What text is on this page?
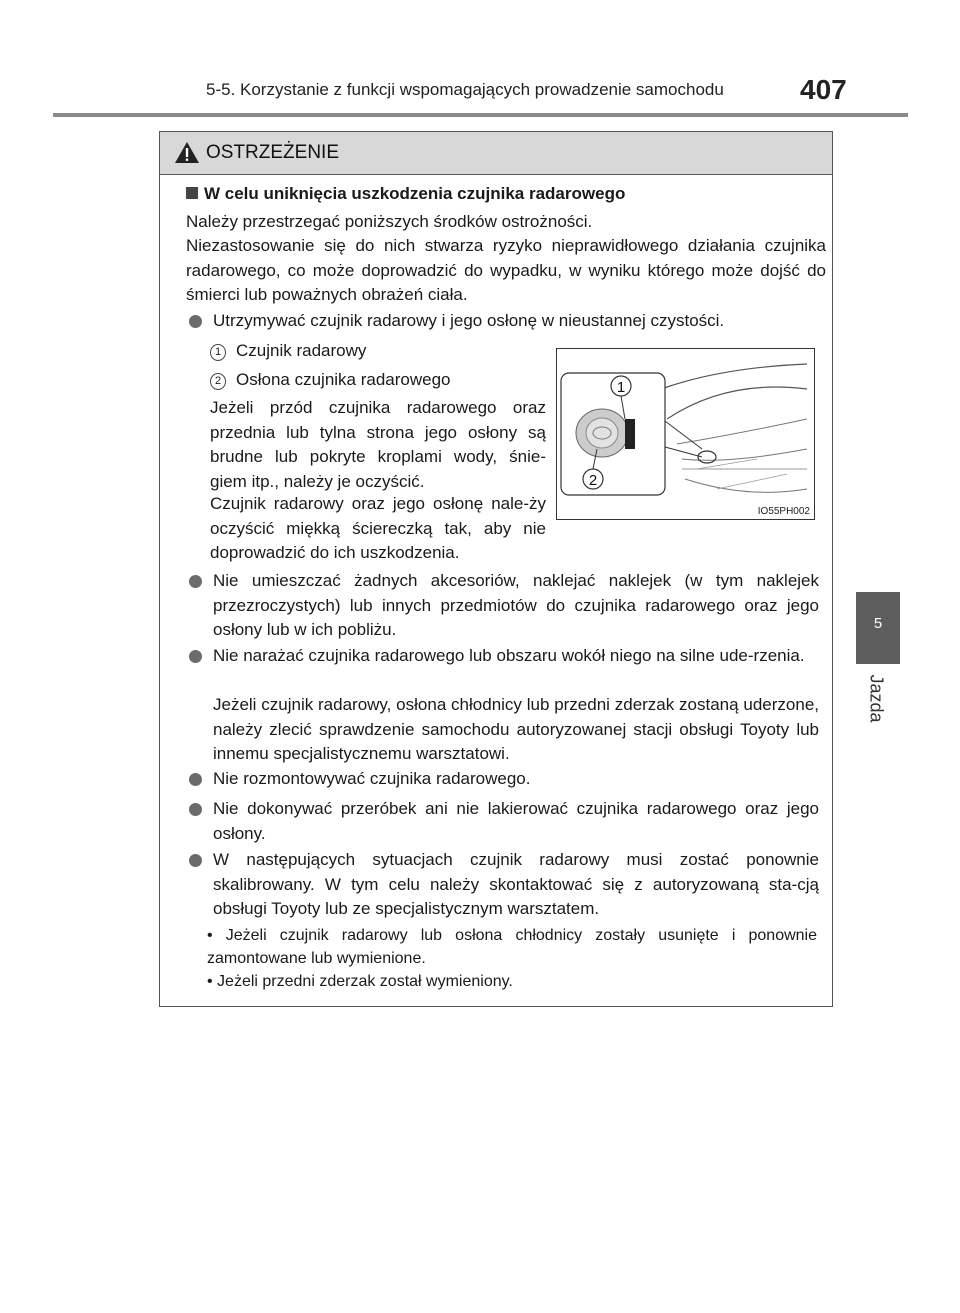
5-5. Korzystanie z funkcji wspomagających prowadzenie samochodu	407
5
Jazda
OSTRZEŻENIE
W celu uniknięcia uszkodzenia czujnika radarowego
Należy przestrzegać poniższych środków ostrożności.
Niezastosowanie się do nich stwarza ryzyko nieprawidłowego działania czujnika radarowego, co może doprowadzić do wypadku, w wyniku którego może dojść do śmierci lub poważnych obrażeń ciała.
Utrzymywać czujnik radarowy i jego osłonę w nieustannej czystości.
1 Czujnik radarowy
2 Osłona czujnika radarowego
Jeżeli przód czujnika radarowego oraz przednia lub tylna strona jego osłony są brudne lub pokryte kroplami wody, śnie-giem itp., należy je oczyścić.
Czujnik radarowy oraz jego osłonę nale-ży oczyścić miękką ściereczką tak, aby nie doprowadzić do ich uszkodzenia.
1
2
IO55PH002
Nie umieszczać żadnych akcesoriów, naklejać naklejek (w tym naklejek przezroczystych) lub innych przedmiotów do czujnika radarowego oraz jego osłony lub w ich pobliżu.
Nie narażać czujnika radarowego lub obszaru wokół niego na silne ude-rzenia.
Jeżeli czujnik radarowy, osłona chłodnicy lub przedni zderzak zostaną uderzone, należy zlecić sprawdzenie samochodu autoryzowanej stacji obsługi Toyoty lub innemu specjalistycznemu warsztatowi.
Nie rozmontowywać czujnika radarowego.
Nie dokonywać przeróbek ani nie lakierować czujnika radarowego oraz jego osłony.
W następujących sytuacjach czujnik radarowy musi zostać ponownie skalibrowany. W tym celu należy skontaktować się z autoryzowaną sta-cją obsługi Toyoty lub ze specjalistycznym warsztatem.
• Jeżeli czujnik radarowy lub osłona chłodnicy zostały usunięte i ponownie zamontowane lub wymienione.
• Jeżeli przedni zderzak został wymieniony.
